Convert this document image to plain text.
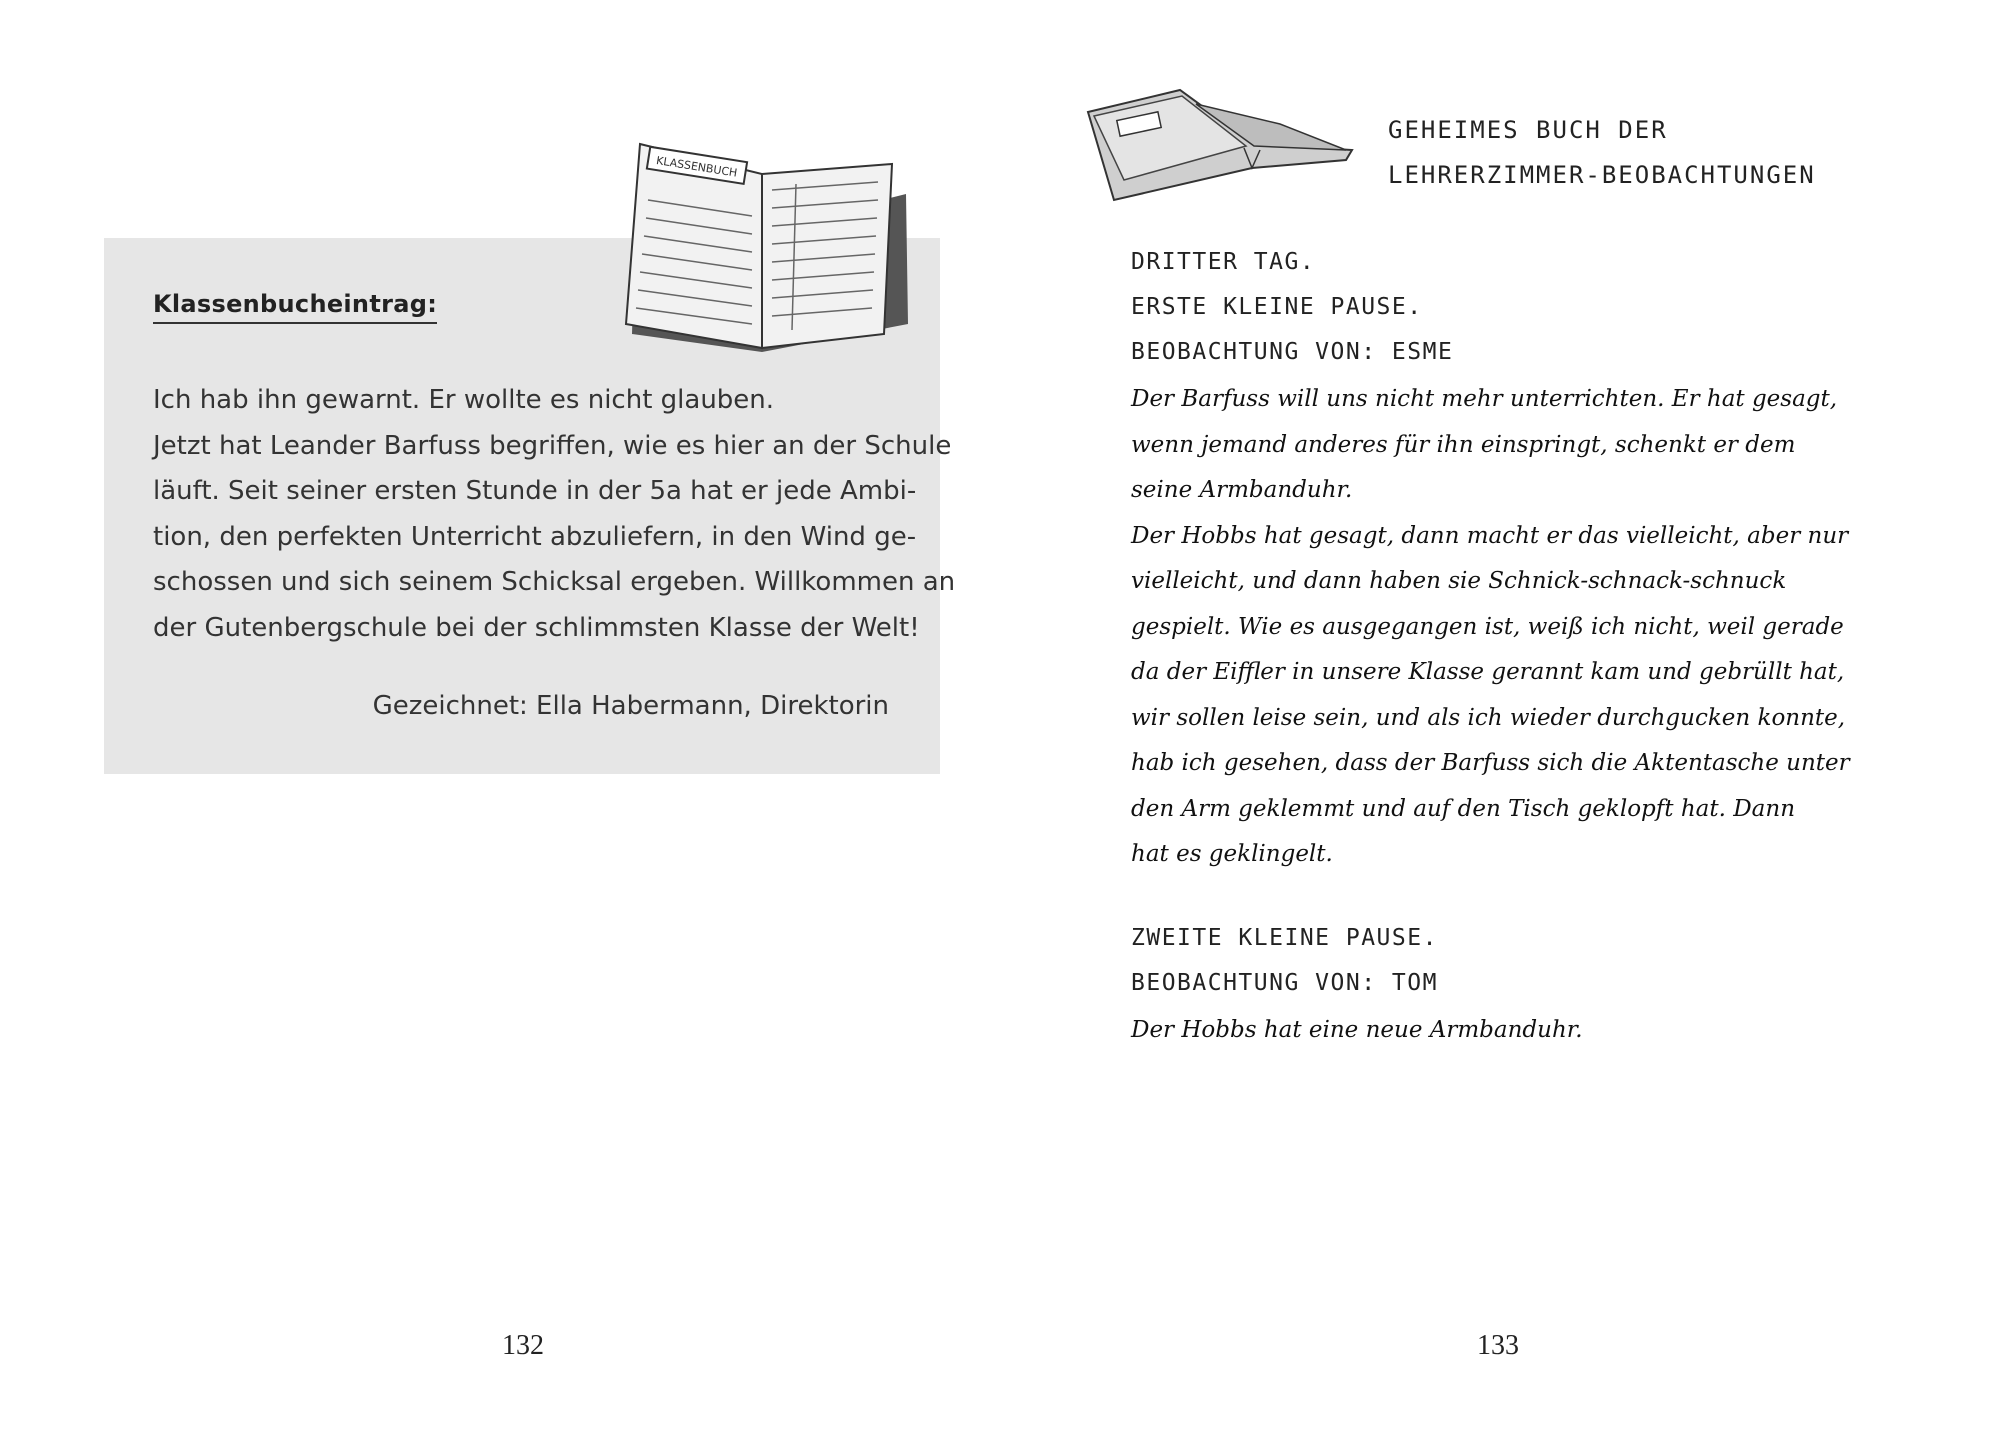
KLASSENBUCH
Klassenbucheintrag:
Ich hab ihn gewarnt. Er wollte es nicht glauben.
Jetzt hat Leander Barfuss begriffen, wie es hier an der Schule
läuft. Seit seiner ersten Stunde in der 5a hat er jede Ambi-
tion, den perfekten Unterricht abzuliefern, in den Wind ge-
schossen und sich seinem Schicksal ergeben. Willkommen an
der Gutenbergschule bei der schlimmsten Klasse der Welt!
Gezeichnet: Ella Habermann, Direktorin
132
GEHEIMES BUCH DER
LEHRERZIMMER-BEOBACHTUNGEN
DRITTER TAG.
ERSTE KLEINE PAUSE.
BEOBACHTUNG VON: ESME
Der Barfuss will uns nicht mehr unterrichten. Er hat gesagt,
wenn jemand anderes für ihn einspringt, schenkt er dem
seine Armbanduhr.
Der Hobbs hat gesagt, dann macht er das vielleicht, aber nur
vielleicht, und dann haben sie Schnick-schnack-schnuck
gespielt. Wie es ausgegangen ist, weiß ich nicht, weil gerade
da der Eiffler in unsere Klasse gerannt kam und gebrüllt hat,
wir sollen leise sein, und als ich wieder durchgucken konnte,
hab ich gesehen, dass der Barfuss sich die Aktentasche unter
den Arm geklemmt und auf den Tisch geklopft hat. Dann
hat es geklingelt.
ZWEITE KLEINE PAUSE.
BEOBACHTUNG VON: TOM
Der Hobbs hat eine neue Armbanduhr.
133
